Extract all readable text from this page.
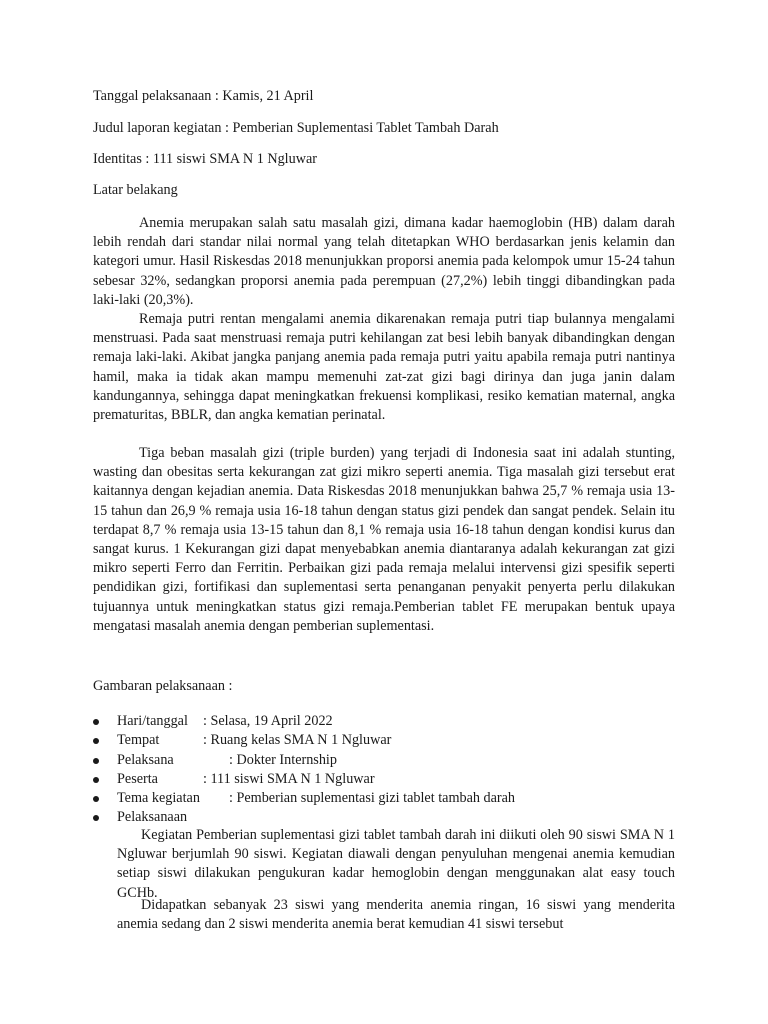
Tanggal pelaksanaan : Kamis, 21 April

Judul laporan kegiatan : Pemberian Suplementasi Tablet Tambah Darah

Identitas : 111 siswi SMA N 1 Ngluwar

Latar belakang

Anemia merupakan salah satu masalah gizi, dimana kadar haemoglobin (HB) dalam darah lebih rendah dari standar nilai normal yang telah ditetapkan WHO berdasarkan jenis kelamin dan kategori umur. Hasil Riskesdas 2018 menunjukkan proporsi anemia pada kelompok umur 15-24 tahun sebesar 32%, sedangkan proporsi anemia pada perempuan (27,2%) lebih tinggi dibandingkan pada laki-laki (20,3%).

Remaja putri rentan mengalami anemia dikarenakan remaja putri tiap bulannya mengalami menstruasi. Pada saat menstruasi remaja putri kehilangan zat besi lebih banyak dibandingkan dengan remaja laki-laki. Akibat jangka panjang anemia pada remaja putri yaitu apabila remaja putri nantinya hamil, maka ia tidak akan mampu memenuhi zat-zat gizi bagi dirinya dan juga janin dalam kandungannya, sehingga dapat meningkatkan frekuensi komplikasi, resiko kematian maternal, angka prematuritas, BBLR, dan angka kematian perinatal.

Tiga beban masalah gizi (triple burden) yang terjadi di Indonesia saat ini adalah stunting, wasting dan obesitas serta kekurangan zat gizi mikro seperti anemia. Tiga masalah gizi tersebut erat kaitannya dengan kejadian anemia. Data Riskesdas 2018 menunjukkan bahwa 25,7 % remaja usia 13-15 tahun dan 26,9 % remaja usia 16-18 tahun dengan status gizi pendek dan sangat pendek. Selain itu terdapat 8,7 % remaja usia 13-15 tahun dan 8,1 % remaja usia 16-18 tahun dengan kondisi kurus dan sangat kurus. 1 Kekurangan gizi dapat menyebabkan anemia diantaranya adalah kekurangan zat gizi mikro seperti Ferro dan Ferritin. Perbaikan gizi pada remaja melalui intervensi gizi spesifik seperti pendidikan gizi, fortifikasi dan suplementasi serta penanganan penyakit penyerta perlu dilakukan tujuannya untuk meningkatkan status gizi remaja.Pemberian tablet FE merupakan bentuk upaya mengatasi masalah anemia dengan pemberian suplementasi.

Gambaran pelaksanaan :

Hari/tanggal : Selasa, 19 April 2022
Tempat	: Ruang kelas SMA N 1 Ngluwar
Pelaksana	: Dokter Internship
Peserta	: 111 siswi SMA N 1 Ngluwar
Tema kegiatan : Pemberian suplementasi gizi tablet tambah darah
Pelaksanaan

Kegiatan Pemberian suplementasi gizi tablet tambah darah ini diikuti oleh 90 siswi SMA N 1 Ngluwar berjumlah 90 siswi. Kegiatan diawali dengan penyuluhan mengenai anemia kemudian setiap siswi dilakukan pengukuran kadar hemoglobin dengan menggunakan alat easy touch GCHb.

Didapatkan sebanyak 23 siswi yang menderita anemia ringan, 16 siswi yang menderita anemia sedang dan 2 siswi menderita anemia berat kemudian 41 siswi tersebut
